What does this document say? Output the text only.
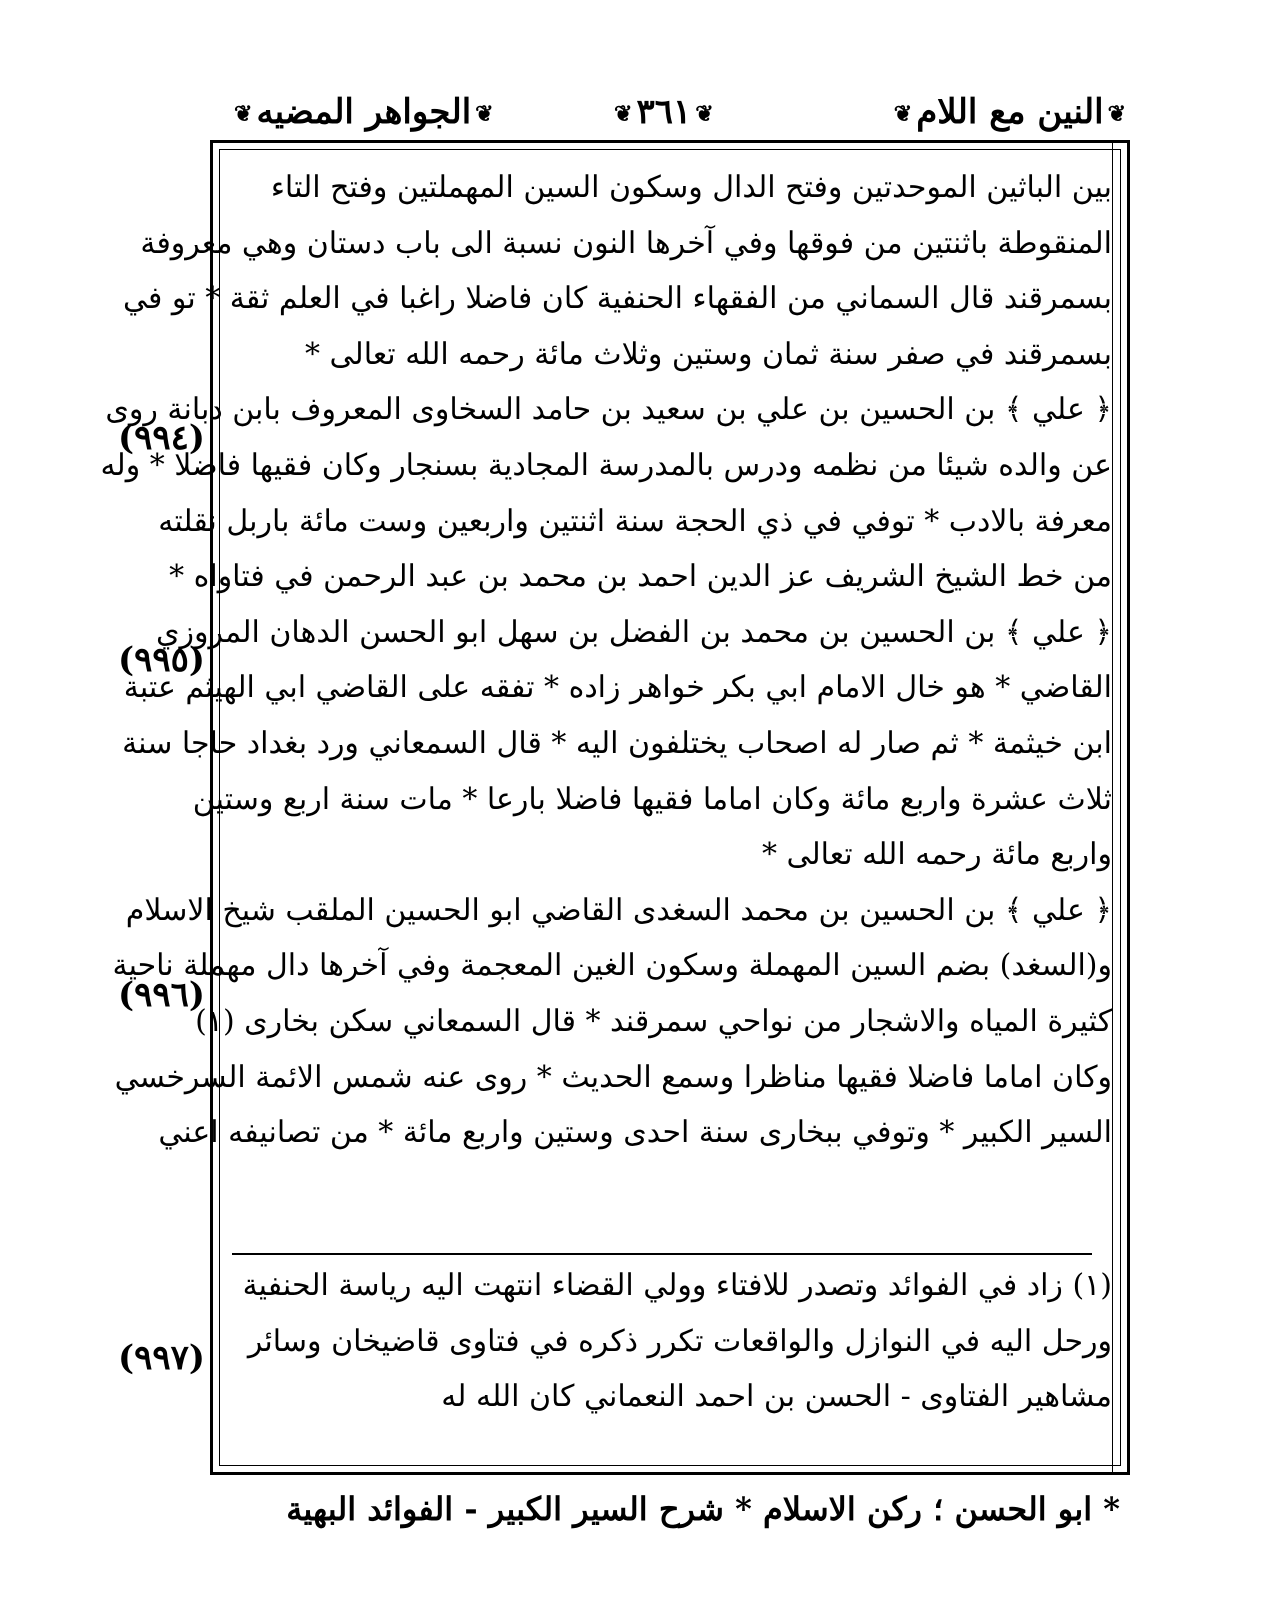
❦النين مع اللام❦
❦٣٦١❦
❦الجواهر المضيه❦
بين الباثين الموحدتين وفتح الدال وسكون السين المهملتين وفتح التاء
المنقوطة باثنتين من فوقها وفي آخرها النون نسبة الى باب دستان وهي معروفة
بسمرقند قال السماني من الفقهاء الحنفية كان فاضلا راغبا في العلم ثقة * تو في
بسمرقند في صفر سنة ثمان وستين وثلاث مائة رحمه الله تعالى *
﴿ علي ﴾ بن الحسين بن علي بن سعيد بن حامد السخاوى المعروف بابن دبانة روى
عن والده شيئا من نظمه ودرس بالمدرسة المجادية بسنجار وكان فقيها فاضلا * وله
معرفة بالادب * توفي في ذي الحجة سنة اثنتين واربعين وست مائة باربل نقلته
من خط الشيخ الشريف عز الدين احمد بن محمد بن عبد الرحمن في فتاواه *
﴿ علي ﴾ بن الحسين بن محمد بن الفضل بن سهل ابو الحسن الدهان المروزي
القاضي * هو خال الامام ابي بكر خواهر زاده * تفقه على القاضي ابي الهيثم عتبة
ابن خيثمة * ثم صار له اصحاب يختلفون اليه * قال السمعاني ورد بغداد حاجا سنة
ثلاث عشرة واربع مائة وكان اماما فقيها فاضلا بارعا * مات سنة اربع وستين
واربع مائة رحمه الله تعالى *
﴿ علي ﴾ بن الحسين بن محمد السغدى القاضي ابو الحسين الملقب شيخ الاسلام
و(السغد) بضم السين المهملة وسكون الغين المعجمة وفي آخرها دال مهملة ناحية
كثيرة المياه والاشجار من نواحي سمرقند * قال السمعاني سكن بخارى (١)
وكان اماما فاضلا فقيها مناظرا وسمع الحديث * روى عنه شمس الائمة السرخسي
السير الكبير * وتوفي ببخارى سنة احدى وستين واربع مائة * من تصانيفه اعني
(١) زاد في الفوائد وتصدر للافتاء وولي القضاء انتهت اليه رياسة الحنفية
ورحل اليه في النوازل والواقعات تكرر ذكره في فتاوى قاضيخان وسائر
مشاهير الفتاوى - الحسن بن احمد النعماني كان الله له
(٩٩٤)
(٩٩٥)
(٩٩٦)
(٩٩٧)
* ابو الحسن ؛ ركن الاسلام * شرح السير الكبير - الفوائد البهية
